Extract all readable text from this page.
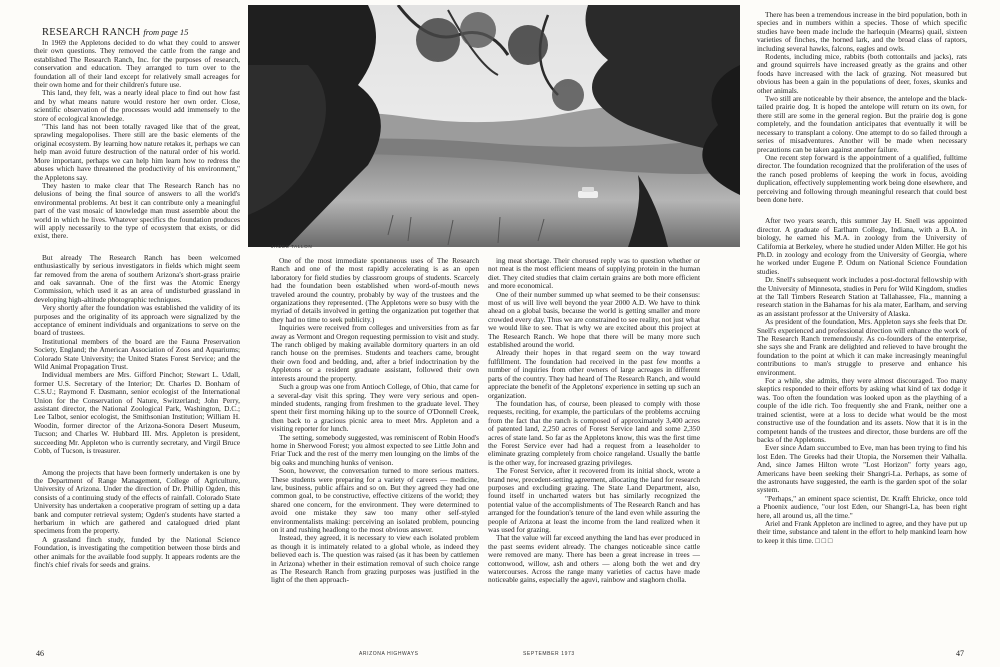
RESEARCH RANCH from page 15

In 1969 the Appletons decided to do what they could to answer their own questions. They removed the cattle from the range and established The Research Ranch, Inc. for the purposes of research, conservation and education. They arranged to turn over to the foundation all of their land except for relatively small acreages for their own home and for their children's future use.

This land, they felt, was a nearly ideal place to find out how fast and by what means nature would restore her own order. Close, scientific observation of the processes would add immensely to the store of ecological knowledge.

"This land has not been totally ravaged like that of the great, sprawling megalopolises. There still are the basic elements of the original ecosystem. By learning how nature retakes it, perhaps we can help man avoid future destruction of the natural order of his world. More important, perhaps we can help him learn how to redress the abuses which have threatened the productivity of his environment," the Appletons say.

They hasten to make clear that The Research Ranch has no delusions of being the final source of answers to all the world's environmental problems. At best it can contribute only a meaningful part of the vast mosaic of knowledge man must assemble about the world in which he lives. Whatever specifics the foundation produces will apply necessarily to the type of ecosystem that exists, or did exist, there.

But already The Research Ranch has been welcomed enthusiastically by serious investigators in fields which might seem far removed from the arena of southern Arizona's short-grass prairie and oak savannah. One of the first was the Atomic Energy Commission, which used it as an area of undisturbed grassland in developing high-altitude photographic techniques.

Very shortly after the foundation was established the validity of its purposes and the originality of its approach were signalized by the acceptance of eminent individuals and organizations to serve on the board of trustees.

Institutional members of the board are the Fauna Preservation Society, England; the American Association of Zoos and Aquariums; Colorado State University; the United States Forest Service; and the Wild Animal Propagation Trust.

Individual members are Mrs. Gifford Pinchot; Stewart L. Udall, former U.S. Secretary of the Interior; Dr. Charles D. Bonham of C.S.U.; Raymond F. Dasmann, senior ecologist of the International Union for the Conservation of Nature, Switzerland; John Perry, assistant director, the National Zoological Park, Washington, D.C.; Lee Talbot, senior ecologist, the Smithsonian Institution; William H. Woodin, former director of the Arizona-Sonora Desert Museum, Tucson; and Charles W. Hubbard III. Mrs. Appleton is president, succeeding Mr. Appleton who is currently secretary, and Virgil Bruce Cobb, of Tucson, is treasurer.

Among the projects that have been formerly undertaken is one by the Department of Range Management, College of Agriculture, University of Arizona. Under the direction of Dr. Phillip Ogden, this consists of a continuing study of the effects of rainfall. Colorado State University has undertaken a cooperative program of setting up a data bank and computer retrieval system; Ogden's students have started a herbarium in which are gathered and catalogued dried plant specimens from the property.

A grassland finch study, funded by the National Science Foundation, is investigating the competition between those birds and other animals for the available food supply. It appears rodents are the finch's chief rivals for seeds and grains.

JAMES TALLON

One of the most immediate spontaneous uses of The Research Ranch and one of the most rapidly accelerating is as an open laboratory for field studies by classroom groups of students. Scarcely had the foundation been established when word-of-mouth news traveled around the country, probably by way of the trustees and the organizations they represented. (The Appletons were so busy with the myriad of details involved in getting the organization put together that they had no time to seek publicity.)

Inquiries were received from colleges and universities from as far away as Vermont and Oregon requesting permission to visit and study. The ranch obliged by making available dormitory quarters in an old ranch house on the premises. Students and teachers came, brought their own food and bedding, and, after a brief indoctrination by the Appletons or a resident graduate assistant, followed their own interests around the property.

Such a group was one from Antioch College, of Ohio, that came for a several-day visit this spring. They were very serious and open-minded students, ranging from freshmen to the graduate level. They spent their first morning hiking up to the source of O'Donnell Creek, then back to a gracious picnic area to meet Mrs. Appleton and a visiting reporter for lunch.

The setting, somebody suggested, was reminiscent of Robin Hood's home in Sherwood Forest; you almost expected to see Little John and Friar Tuck and the rest of the merry men lounging on the limbs of the big oaks and munching hunks of venison.

Soon, however, the conversation turned to more serious matters. These students were preparing for a variety of careers — medicine, law, business, public affairs and so on. But they agreed they had one common goal, to be constructive, effective citizens of the world; they shared one concern, for the environment. They were determined to avoid one mistake they saw too many other self-styled environmentalists making: perceiving an isolated problem, pouncing on it and rushing headlong to the most obvious answer.

Instead, they agreed, it is necessary to view each isolated problem as though it is intimately related to a global whole, as indeed they believed each is. The question was raised (as it has been by cattlemen in Arizona) whether in their estimation removal of such choice range as The Research Ranch from grazing purposes was justified in the light of the then approach-

ing meat shortage. Their chorused reply was to question whether or not meat is the most efficient means of supplying protein in the human diet. They cited studies that claim certain grains are both more efficient and more economical.

One of their number summed up what seemed to be their consensus: most of us will live well beyond the year 2000 A.D. We have to think ahead on a global basis, because the world is getting smaller and more crowded every day. Thus we are constrained to see reality, not just what we would like to see. That is why we are excited about this project at The Research Ranch. We hope that there will be many more such established around the world.

Already their hopes in that regard seem on the way toward fulfillment. The foundation had received in the past few months a number of inquiries from other owners of large acreages in different parts of the country. They had heard of The Research Ranch, and would appreciate the benefit of the Appletons' experience in setting up such an organization.

The foundation has, of course, been pleased to comply with those requests, reciting, for example, the particulars of the problems accruing from the fact that the ranch is composed of approximately 3,400 acres of patented land, 2,250 acres of Forest Service land and some 2,350 acres of state land. So far as the Appletons know, this was the first time the Forest Service ever had had a request from a leaseholder to eliminate grazing completely from choice rangeland. Usually the battle is the other way, for increased grazing privileges.

The Forest Service, after it recovered from its initial shock, wrote a brand new, precedent-setting agreement, allocating the land for research purposes and excluding grazing. The State Land Department, also, found itself in uncharted waters but has similarly recognized the potential value of the accomplishments of The Research Ranch and has arranged for the foundation's tenure of the land even while assuring the people of Arizona at least the income from the land realized when it was used for grazing.

That the value will far exceed anything the land has ever produced in the past seems evident already. The changes noticeable since cattle were removed are many. There has been a great increase in trees — cottonwood, willow, ash and others — along both the wet and dry watercourses. Across the range many varieties of cactus have made noticeable gains, especially the aguvi, rainbow and staghorn cholla.

There has been a tremendous increase in the bird population, both in species and in numbers within a species. Those of which specific studies have been made include the harlequin (Mearns) quail, sixteen varieties of finches, the horned lark, and the broad class of raptors, including several hawks, falcons, eagles and owls.

Rodents, including mice, rabbits (both cottontails and jacks), rats and ground squirrels have increased greatly as the grains and other foods have increased with the lack of grazing. Not measured but obvious has been a gain in the populations of deer, foxes, skunks and other animals.

Two still are noticeable by their absence, the antelope and the black-tailed prairie dog. It is hoped the antelope will return on its own, for there still are some in the general region. But the prairie dog is gone completely, and the foundation anticipates that eventually it will be necessary to transplant a colony. One attempt to do so failed through a series of misadventures. Another will be made when necessary precautions can be taken against another failure.

One recent step forward is the appointment of a qualified, fulltime director. The foundation recognized that the proliferation of the uses of the ranch posed problems of keeping the work in focus, avoiding duplication, effectively supplementing work being done elsewhere, and perceiving and following through meaningful research that could best been done here.

After two years search, this summer Jay H. Snell was appointed director. A graduate of Earlham College, Indiana, with a B.A. in biology, he earned his M.A. in zoology from the University of California at Berkeley, where he studied under Alden Miller. He got his Ph.D. in zoology and ecology from the University of Georgia, where he worked under Eugene P. Odum on National Science Foundation studies.

Dr. Snell's subsequent work includes a post-doctoral fellowship with the University of Minnesota, studies in Peru for Wild Kingdom, studies at the Tall Timbers Research Station at Tallahassee, Fla., manning a research station in the Bahamas for his ala mater, Earlham, and serving as an assistant professor at the University of Alaska.

As president of the foundation, Mrs. Appleton says she feels that Dr. Snell's experienced and professional direction will enhance the work of The Research Ranch tremendously. As co-founders of the enterprise, she says she and Frank are delighted and relieved to have brought the foundation to the point at which it can make increasingly meaningful contributions to man's struggle to preserve and enhance his environment.

For a while, she admits, they were almost discouraged. Too many skeptics responded to their efforts by asking what kind of tax dodge it was. Too often the foundation was looked upon as the plaything of a couple of the idle rich. Too frequently she and Frank, neither one a trained scientist, were at a loss to decide what would be the most constructive use of the foundation and its assets. Now that it is in the competent hands of the trustees and director, those burdens are off the backs of the Appletons.

Ever since Adam succumbed to Eve, man has been trying to find his lost Eden. The Greeks had their Utopia, the Norsemen their Valhalla. And, since James Hilton wrote "Lost Horizon" forty years ago, Americans have been seeking their Shangri-La. Perhaps, as some of the astronauts have suggested, the earth is the garden spot of the solar system.

"Perhaps," an eminent space scientist, Dr. Krafft Ehricke, once told a Phoenix audience, "our lost Eden, our Shangri-La, has been right here, all around us, all the time."

Ariel and Frank Appleton are inclined to agree, and they have put up their time, substance and talent in the effort to help mankind learn how to keep it this time. □ □ □

46	ARIZONA HIGHWAYS	SEPTEMBER 1973	47
